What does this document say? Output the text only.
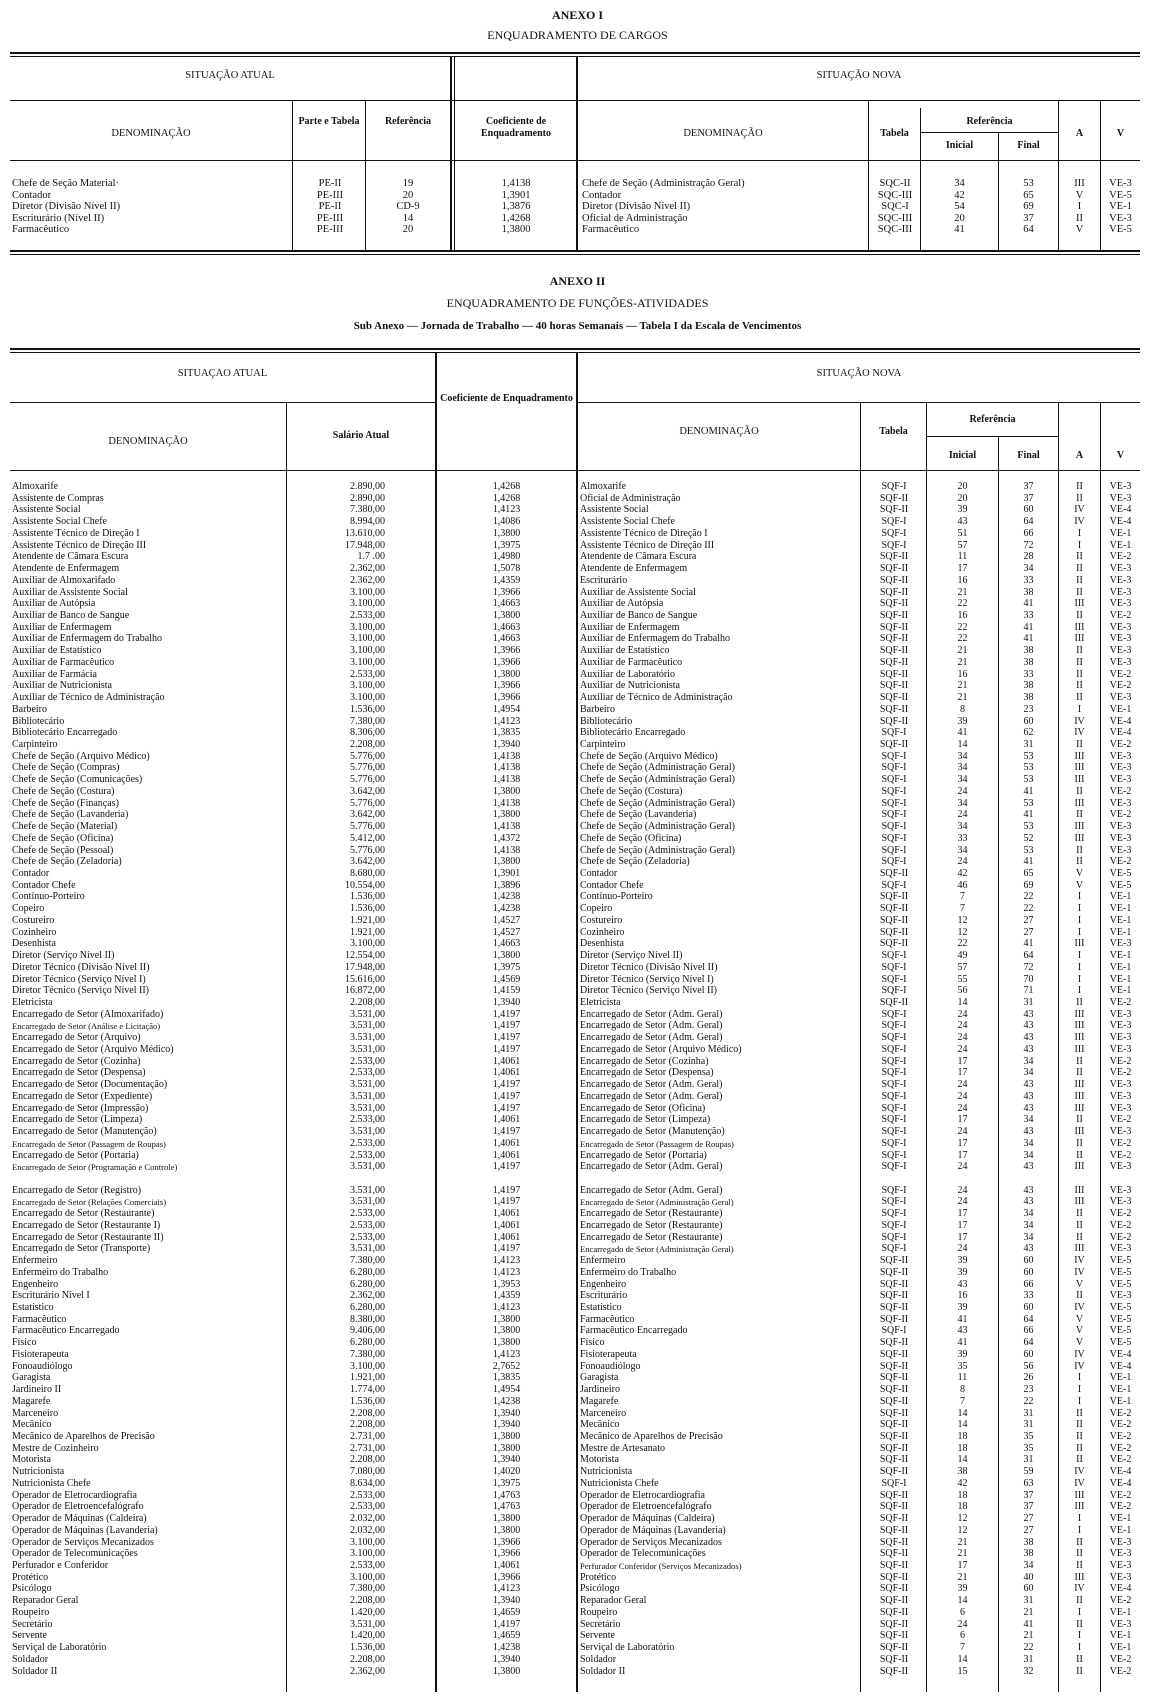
ANEXO I
ENQUADRAMENTO DE CARGOS
SITUAÇÃO ATUAL	SITUAÇÃO NOVA
DENOMINAÇÃO
Parte e Tabela	Referência	Coeficiente de Enquadramento	DENOMINAÇÃO	Tabela
Referência
Inicial	Final
A	V
Chefe de Seção Material·	PE-II	19	1,4138	Chefe de Seção (Administração Geral)	SQC-II	34	53	III	VE-3
Contador	PE-III	20	1,3901	Contador	SQC-III	42	65	V	VE-5
Diretor (Divisão Nível II)	PE-II	CD-9	1,3876	Diretor (Divisão Nível II)	SQC-I	54	69	I	VE-1
Escriturário (Nível II)	PE-III	14	1,4268	Oficial de Administração	SQC-III	20	37	II	VE-3
Farmacêutico	PE-III	20	1,3800	Farmacêutico	SQC-III	41	64	V	VE-5
ANEXO II
ENQUADRAMENTO DE FUNÇÕES-ATIVIDADES
Sub Anexo — Jornada de Trabalho — 40 horas Semanais — Tabela I da Escala de Vencimentos
SITUAÇAO ATUAL	SITUAÇÃO NOVA
DENOMINAÇÃO
Salário Atual
Coeficiente de Enquadramento
DENOMINAÇÃO	Tabela
Referência
Inicial	Final	A	V
Almoxarife	2.890,00	1,4268	Almoxarife	SQF-I	20	37	II	VE-3
Assistente de Compras	2.890,00	1,4268	Oficial de Administração	SQF-II	20	37	II	VE-3
Assistente Social	7.380,00	1,4123	Assistente Social	SQF-II	39	60	IV	VE-4
Assistente Social Chefe	8.994,00	1,4086	Assistente Social Chefe	SQF-I	43	64	IV	VE-4
Assistente Técnico de Direção I	13.610,00	1,3800	Assistente Técnico de Direção I	SQF-I	51	66	I	VE-1
Assistente Técnico de Direção III	17.948,00	1,3975	Assistente Técnico de Direção III	SQF-I	57	72	I	VE-1
Atendente de Câmara Escura	1.7 .00	1,4980	Atendente de Câmara Escura	SQF-II	11	28	II	VE-2
Atendente de Enfermagem	2.362,00	1,5078	Atendente de Enfermagem	SQF-II	17	34	II	VE-3
Auxiliar de Almoxarifado	2.362,00	1,4359	Escriturário	SQF-II	16	33	II	VE-3
Auxiliar de Assistente Social	3.100,00	1,3966	Auxiliar de Assistente Social	SQF-II	21	38	II	VE-3
Auxiliar de Autópsia	3.100,00	1,4663	Auxiliar de Autópsia	SQF-II	22	41	III	VE-3
Auxiliar de Banco de Sangue	2.533,00	1,3800	Auxiliar de Banco de Sangue	SQF-II	16	33	II	VE-2
Auxiliar de Enfermagem	3.100,00	1,4663	Auxiliar de Enfermagem	SQF-II	22	41	III	VE-3
Auxiliar de Enfermagem do Trabalho	3.100,00	1,4663	Auxiliar de Enfermagem do Trabalho	SQF-II	22	41	III	VE-3
Auxiliar de Estatístico	3.100,00	1,3966	Auxiliar de Estatístico	SQF-II	21	38	II	VE-3
Auxiliar de Farmacêutico	3.100,00	1,3966	Auxiliar de Farmacêutico	SQF-II	21	38	II	VE-3
Auxiliar de Farmácia	2.533,00	1,3800	Auxiliar de Laboratório	SQF-II	16	33	II	VE-2
Auxiliar de Nutricionista	3.100,00	1,3966	Auxiliar de Nutricionista	SQF-II	21	38	II	VE-2
Auxiliar de Técnico de Administração	3.100,00	1,3966	Auxiliar de Técnico de Administração	SQF-II	21	38	II	VE-3
Barbeiro	1.536,00	1,4954	Barbeiro	SQF-II	8	23	I	VE-1
Bibliotecário	7.380,00	1,4123	Bibliotecário	SQF-II	39	60	IV	VE-4
Bibliotecário Encarregado	8.306,00	1,3835	Bibliotecário Encarregado	SQF-I	41	62	IV	VE-4
Carpinteiro	2.208,00	1,3940	Carpinteiro	SQF-II	14	31	II	VE-2
Chefe de Seção (Arquivo Médico)	5.776,00	1,4138	Chefe de Seção (Arquivo Médico)	SQF-I	34	53	III	VE-3
Chefe de Seção (Compras)	5.776,00	1,4138	Chefe de Seção (Administração Geral)	SQF-I	34	53	III	VE-3
Chefe de Seção (Comunicações)	5.776,00	1,4138	Chefe de Seção (Administração Geral)	SQF-I	34	53	III	VE-3
Chefe de Seção (Costura)	3.642,00	1,3800	Chefe de Seção (Costura)	SQF-I	24	41	II	VE-2
Chefe de Seção (Finanças)	5.776,00	1,4138	Chefe de Seção (Administração Geral)	SQF-I	34	53	III	VE-3
Chefe de Seção (Lavanderia)	3.642,00	1,3800	Chefe de Seção (Lavanderia)	SQF-I	24	41	II	VE-2
Chefe de Seção (Material)	5.776,00	1,4138	Chefe de Seção (Administração Geral)	SQF-I	34	53	III	VE-3
Chefe de Seção (Oficina)	5.412,00	1,4372	Chefe de Seção (Oficina)	SQF-I	33	52	III	VE-3
Chefe de Seção (Pessoal)	5.776,00	1,4138	Chefe de Seção (Administração Geral)	SQF-I	34	53	II	VE-3
Chefe de Seção (Zeladoria)	3.642,00	1,3800	Chefe de Seção (Zeladoria)	SQF-I	24	41	II	VE-2
Contador	8.680,00	1,3901	Contador	SQF-II	42	65	V	VE-5
Contador Chefe	10.554,00	1,3896	Contador Chefe	SQF-I	46	69	V	VE-5
Contínuo-Porteiro	1.536,00	1,4238	Contínuo-Porteiro	SQF-II	7	22	I	VE-1
Copeiro	1.536,00	1,4238	Copeiro	SQF-II	7	22	I	VE-1
Costureiro	1.921,00	1,4527	Costureiro	SQF-II	12	27	I	VE-1
Cozinheiro	1.921,00	1,4527	Cozinheiro	SQF-II	12	27	I	VE-1
Desenhista	3.100,00	1,4663	Desenhista	SQF-II	22	41	III	VE-3
Diretor (Serviço Nível II)	12.554,00	1,3800	Diretor (Serviço Nível II)	SQF-I	49	64	I	VE-1
Diretor Técnico (Divisão Nível II)	17.948,00	1,3975	Diretor Técnico (Divisão Nível II)	SQF-I	57	72	I	VE-1
Diretor Técnico (Serviço Nível I)	15.616,00	1,4569	Diretor Técnico (Serviço Nível I)	SQF-I	55	70	I	VE-1
Diretor Técnico (Serviço Nível II)	16.872,00	1,4159	Diretor Técnico (Serviço Nível II)	SQF-I	56	71	I	VE-1
Eletricista	2.208,00	1,3940	Eletricista	SQF-II	14	31	II	VE-2
Encarregado de Setor (Almoxarifado)	3.531,00	1,4197	Encarregado de Setor (Adm. Geral)	SQF-I	24	43	III	VE-3
Encarregado de Setor (Análise e Licitação)	3.531,00	1,4197	Encarregado de Setor (Adm. Geral)	SQF-I	24	43	III	VE-3
Encarregado de Setor (Arquivo)	3.531,00	1,4197	Encarregado de Setor (Adm. Geral)	SQF-I	24	43	III	VE-3
Encarregado de Setor (Arquivo Médico)	3.531,00	1,4197	Encarregado de Setor (Arquivo Médico)	SQF-I	24	43	III	VE-3
Encarregado de Setor (Cozinha)	2.533,00	1,4061	Encarregado de Setor (Cozinha)	SQF-I	17	34	II	VE-2
Encarregado de Setor (Despensa)	2.533,00	1,4061	Encarregado de Setor (Despensa)	SQF-I	17	34	II	VE-2
Encarregado de Setor (Documentação)	3.531,00	1,4197	Encarregado de Setor (Adm. Geral)	SQF-I	24	43	III	VE-3
Encarregado de Setor (Expediente)	3.531,00	1,4197	Encarregado de Setor (Adm. Geral)	SQF-I	24	43	III	VE-3
Encarregado de Setor (Impressão)	3.531,00	1,4197	Encarregado de Setor (Oficina)	SQF-I	24	43	III	VE-3
Encarregado de Setor (Limpeza)	2.533,00	1,4061	Encarregado de Setor (Limpeza)	SQF-I	17	34	II	VE-2
Encarregado de Setor (Manutenção)	3.531,00	1,4197	Encarregado de Setor (Manutenção)	SQF-I	24	43	III	VE-3
Encarregado de Setor (Passagem de Roupas)	2.533,00	1,4061	Encarregado de Setor (Passagem de Roupas)	SQF-I	17	34	II	VE-2
Encarregado de Setor (Portaria)	2.533,00	1,4061	Encarregado de Setor (Portaria)	SQF-I	17	34	II	VE-2
Encarregado de Setor (Programação e Controle)	3.531,00	1,4197	Encarregado de Setor (Adm. Geral)	SQF-I	24	43	III	VE-3
Encarregado de Setor (Registro)	3.531,00	1,4197	Encarregado de Setor (Adm. Geral)	SQF-I	24	43	III	VE-3
Encarregado de Setor (Relações Comerciais)	3.531,00	1,4197	Encarregado de Setor (Administração Geral)	SQF-I	24	43	III	VE-3
Encarregado de Setor (Restaurante)	2.533,00	1,4061	Encarregado de Setor (Restaurante)	SQF-I	17	34	II	VE-2
Encarregado de Setor (Restaurante I)	2.533,00	1,4061	Encarregado de Setor (Restaurante)	SQF-I	17	34	II	VE-2
Encarregado de Setor (Restaurante II)	2.533,00	1,4061	Encarregado de Setor (Restaurante)	SQF-I	17	34	II	VE-2
Encarregado de Setor (Transporte)	3.531,00	1,4197	Encarregado de Setor (Administração Geral)	SQF-I	24	43	III	VE-3
Enfermeiro	7.380,00	1,4123	Enfermeiro	SQF-II	39	60	IV	VE-5
Enfermeiro do Trabalho	6.280,00	1,4123	Enfermeiro do Trabalho	SQF-II	39	60	IV	VE-5
Engenheiro	6.280,00	1,3953	Engenheiro	SQF-II	43	66	V	VE-5
Escriturário Nível I	2.362,00	1,4359	Escriturário	SQF-II	16	33	II	VE-3
Estatístico	6.280,00	1,4123	Estatístico	SQF-II	39	60	IV	VE-5
Farmacêutico	8.380,00	1,3800	Farmacêutico	SQF-II	41	64	V	VE-5
Farmacêutico Encarregado	9.406,00	1,3800	Farmacêutico Encarregado	SQF-I	43	66	V	VE-5
Físico	6.280,00	1,3800	Físico	SQF-II	41	64	V	VE-5
Fisioterapeuta	7.380,00	1,4123	Fisioterapeuta	SQF-II	39	60	IV	VE-4
Fonoaudiólogo	3.100,00	2,7652	Fonoaudiólogo	SQF-II	35	56	IV	VE-4
Garagista	1.921,00	1,3835	Garagista	SQF-II	11	26	I	VE-1
Jardineiro II	1.774,00	1,4954	Jardineiro	SQF-II	8	23	I	VE-1
Magarefe	1.536,00	1,4238	Magarefe	SQF-II	7	22	I	VE-1
Marceneiro	2.208,00	1,3940	Marceneiro	SQF-II	14	31	II	VE-2
Mecânico	2.208,00	1,3940	Mecânico	SQF-II	14	31	II	VE-2
Mecânico de Aparelhos de Precisão	2.731,00	1,3800	Mecânico de Aparelhos de Precisão	SQF-II	18	35	II	VE-2
Mestre de Cozinheiro	2.731,00	1,3800	Mestre de Artesanato	SQF-II	18	35	II	VE-2
Motorista	2.208,00	1,3940	Motorista	SQF-II	14	31	II	VE-2
Nutricionista	7.080,00	1,4020	Nutricionista	SQF-II	38	59	IV	VE-4
Nutricionista Chefe	8.634,00	1,3975	Nutricionista Chefe	SQF-I	42	63	IV	VE-4
Operador de Eletrocardiografia	2.533,00	1,4763	Operador de Eletrocardiografia	SQF-II	18	37	III	VE-2
Operador de Eletroencefalógrafo	2.533,00	1,4763	Operador de Eletroencefalógrafo	SQF-II	18	37	III	VE-2
Operador de Máquinas (Caldeira)	2.032,00	1,3800	Operador de Máquinas (Caldeira)	SQF-II	12	27	I	VE-1
Operador de Máquinas (Lavanderia)	2.032,00	1,3800	Operador de Máquinas (Lavanderia)	SQF-II	12	27	I	VE-1
Operador de Serviços Mecanizados	3.100,00	1,3966	Operador de Serviços Mecanizados	SQF-II	21	38	II	VE-3
Operador de Telecomunicações	3.100,00	1,3966	Operador de Telecomunicações	SQF-II	21	38	II	VE-3
Perfurador e Conferidor	2.533,00	1,4061	Perfurador Conferidor (Serviços Mecanizados)	SQF-II	17	34	II	VE-3
Protético	3.100,00	1,3966	Protético	SQF-II	21	40	III	VE-3
Psicólogo	7.380,00	1,4123	Psicólogo	SQF-II	39	60	IV	VE-4
Reparador Geral	2.208,00	1,3940	Reparador Geral	SQF-II	14	31	II	VE-2
Roupeiro	1.420,00	1,4659	Roupeiro	SQF-II	6	21	I	VE-1
Secretário	3.531,00	1,4197	Secretário	SQF-II	24	41	II	VE-3
Servente	1.420,00	1,4659	Servente	SQF-II	6	21	I	VE-1
Serviçal de Laboratório	1.536,00	1,4238	Serviçal de Laboratório	SQF-II	7	22	I	VE-1
Soldador	2.208,00	1,3940	Soldador	SQF-II	14	31	II	VE-2
Soldador II	2.362,00	1,3800	Soldador II	SQF-II	15	32	II	VE-2
